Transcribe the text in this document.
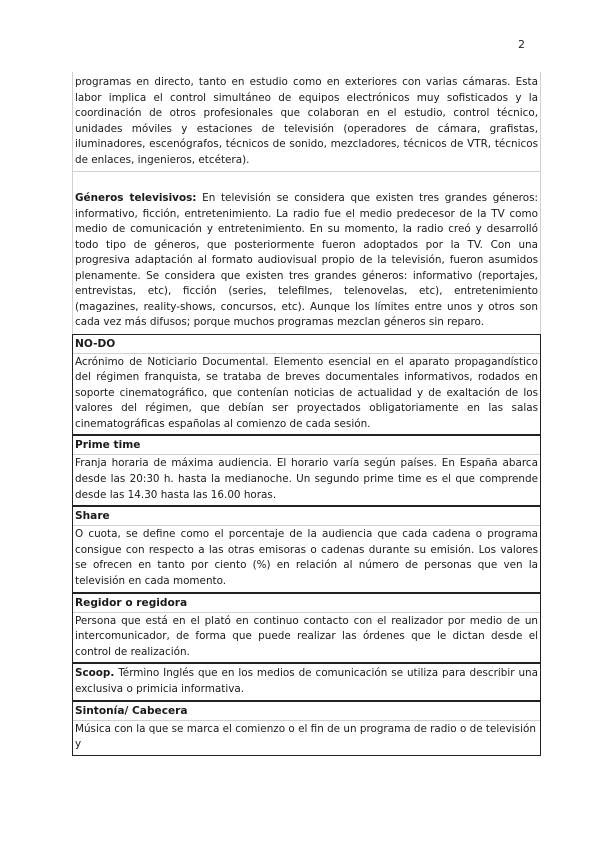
2
programas en directo, tanto en estudio como en exteriores con varias cámaras. Esta labor implica el control simultáneo de equipos electrónicos muy sofisticados y la coordinación de otros profesionales que colaboran en el estudio, control técnico, unidades móviles y estaciones de televisión (operadores de cámara, grafistas, iluminadores, escenógrafos, técnicos de sonido, mezcladores, técnicos de VTR, técnicos de enlaces, ingenieros, etcétera).
Géneros televisivos: En televisión se considera que existen tres grandes géneros: informativo, ficción, entretenimiento. La radio fue el medio predecesor de la TV como medio de comunicación y entretenimiento. En su momento, la radio creó y desarrolló todo tipo de géneros, que posteriormente fueron adoptados por la TV. Con una progresiva adaptación al formato audiovisual propio de la televisión, fueron asumidos plenamente. Se considera que existen tres grandes géneros: informativo (reportajes, entrevistas, etc), ficción (series, telefilmes, telenovelas, etc), entretenimiento (magazines, reality-shows, concursos, etc). Aunque los límites entre unos y otros son cada vez más difusos; porque muchos programas mezclan géneros sin reparo.
NO-DO
Acrónimo de Noticiario Documental. Elemento esencial en el aparato propagandístico del régimen franquista, se trataba de breves documentales informativos, rodados en soporte cinematográfico, que contenían noticias de actualidad y de exaltación de los valores del régimen, que debían ser proyectados obligatoriamente en las salas cinematográficas españolas al comienzo de cada sesión.
Prime time
Franja horaria de máxima audiencia. El horario varía según países. En España abarca desde las 20:30 h. hasta la medianoche. Un segundo prime time es el que comprende desde las 14.30 hasta las 16.00 horas.
Share
O cuota, se define como el porcentaje de la audiencia que cada cadena o programa consigue con respecto a las otras emisoras o cadenas durante su emisión. Los valores se ofrecen en tanto por ciento (%) en relación al número de personas que ven la televisión en cada momento.
Regidor o regidora
Persona que está en el plató en continuo contacto con el realizador por medio de un intercomunicador, de forma que puede realizar las órdenes que le dictan desde el control de realización.
Scoop. Término Inglés que en los medios de comunicación se utiliza para describir una exclusiva o primicia informativa.
Sintonía/ Cabecera
Música con la que se marca el comienzo o el fin de un programa de radio o de televisión y
